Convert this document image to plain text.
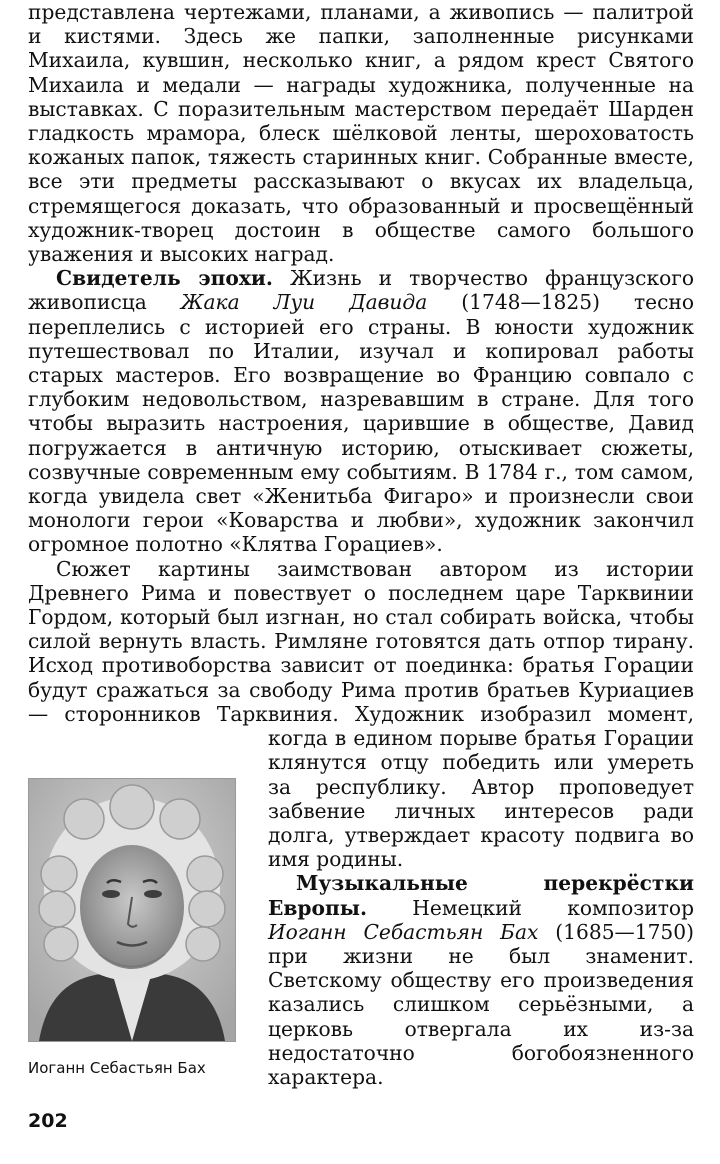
представлена чертежами, планами, а живопись — палитрой и кистями. Здесь же папки, заполненные рисунками Михаила, кувшин, несколько книг, а рядом крест Святого Михаила и медали — награды художника, полученные на выставках. С поразительным мастерством передаёт Шарден гладкость мрамора, блеск шёлковой ленты, шероховатость кожаных папок, тяжесть старинных книг. Собранные вместе, все эти предметы рассказывают о вкусах их владельца, стремящегося доказать, что образованный и просвещённый художник-творец достоин в обществе самого большого уважения и высоких наград.

Свидетель эпохи. Жизнь и творчество французского живописца Жака Луи Давида (1748—1825) тесно переплелись с историей его страны. В юности художник путешествовал по Италии, изучал и копировал работы старых мастеров. Его возвращение во Францию совпало с глубоким недовольством, назревавшим в стране. Для того чтобы выразить настроения, царившие в обществе, Давид погружается в античную историю, отыскивает сюжеты, созвучные современным ему событиям. В 1784 г., том самом, когда увидела свет «Женитьба Фигаро» и произнесли свои монологи герои «Коварства и любви», художник закончил огромное полотно «Клятва Горациев».

Сюжет картины заимствован автором из истории Древнего Рима и повествует о последнем царе Тарквинии Гордом, который был изгнан, но стал собирать войска, чтобы силой вернуть власть. Римляне готовятся дать отпор тирану. Исход противоборства зависит от поединка: братья Горации будут сражаться за свободу Рима против братьев Куриациев — сторонников Тарквиния. Художник изобразил момент, когда в едином порыве братья Горации клянутся отцу победить или умереть за республику. Автор проповедует забвение личных интересов ради долга, утверждает красоту подвига во имя родины.

Музыкальные перекрёстки Европы. Немецкий композитор Иоганн Себастьян Бах (1685—1750) при жизни не был знаменит. Светскому обществу его произведения казались слишком серьёзными, а церковь отвергала их из-за недостаточно богобоязненного характера.

Иоганн Себастьян Бах
202
